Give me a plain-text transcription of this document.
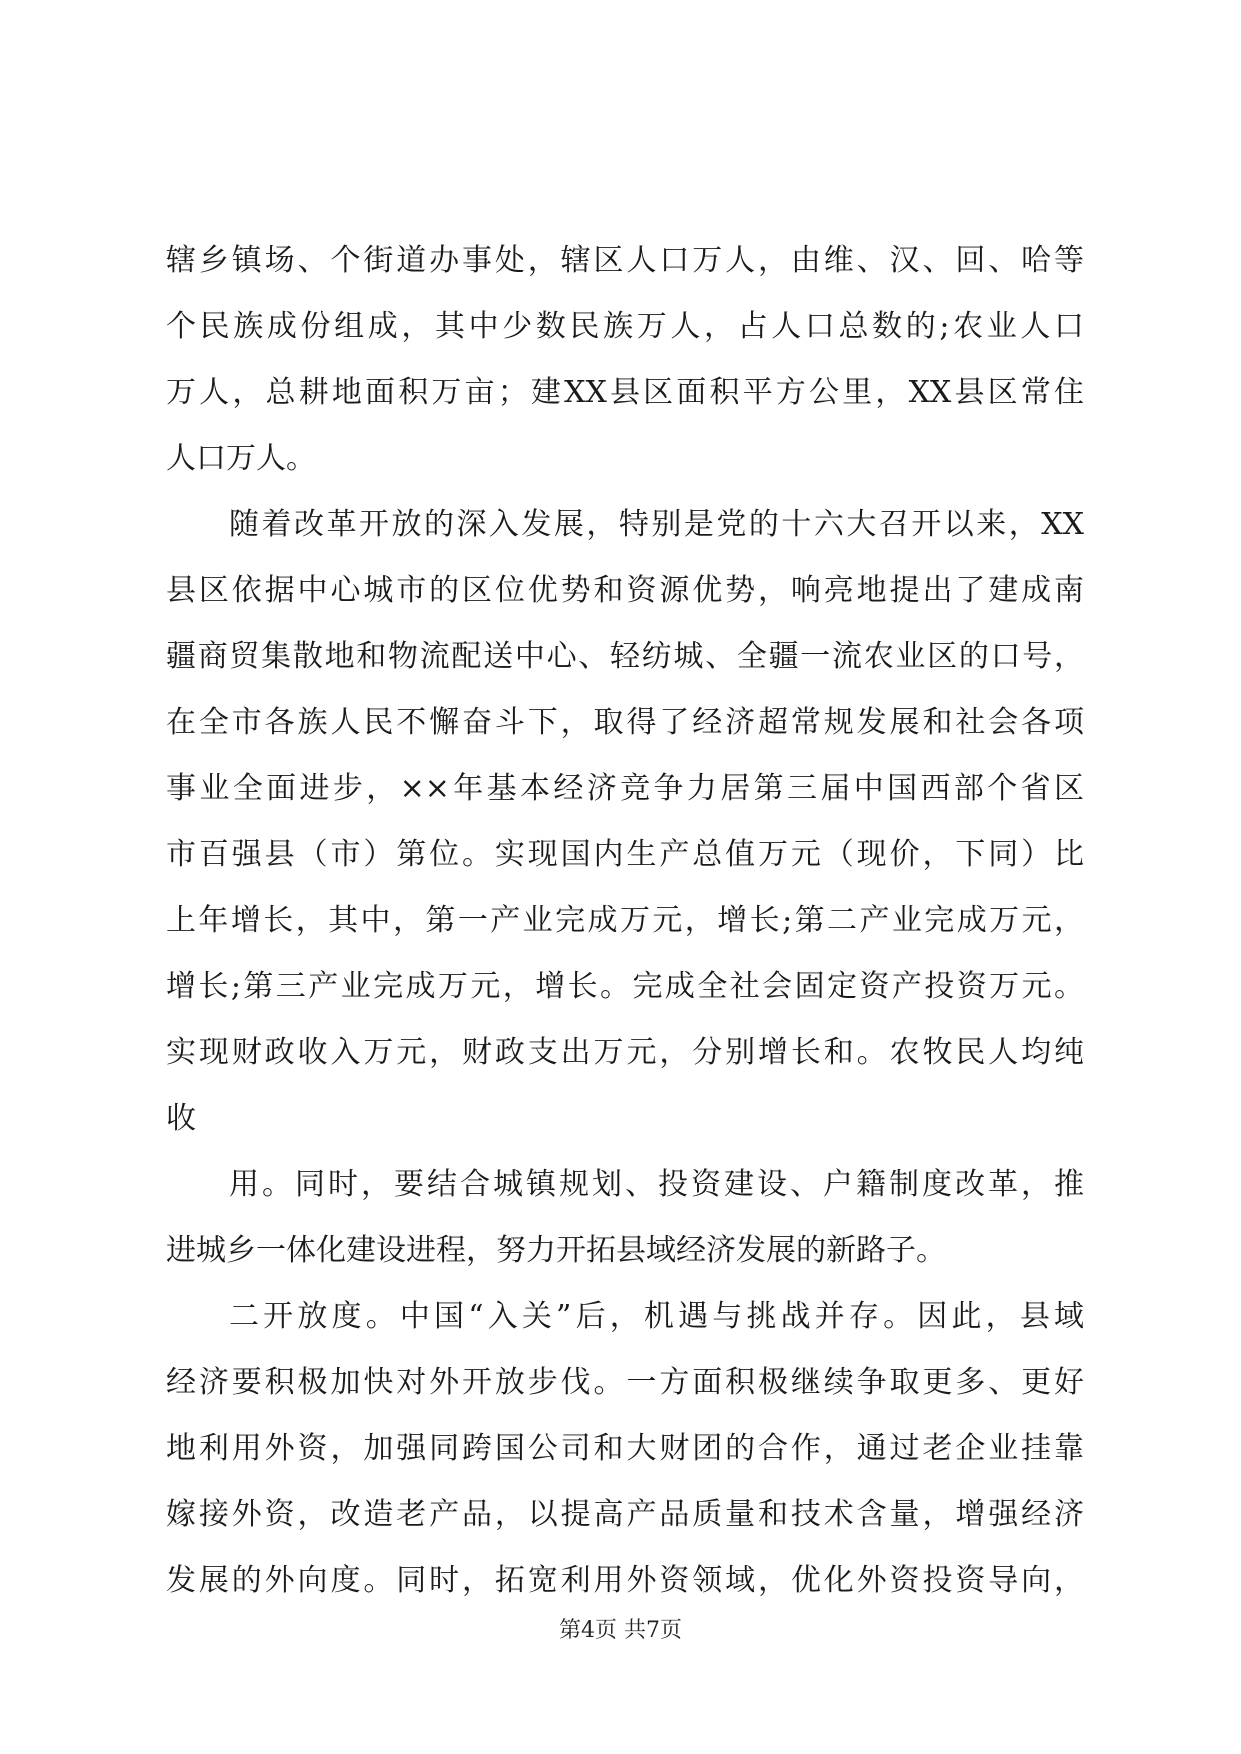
辖乡镇场、个街道办事处，辖区人口万人，由维、汉、回、哈等
个民族成份组成，其中少数民族万人，占人口总数的;农业人口
万人，总耕地面积万亩；建XX县区面积平方公里，XX县区常住
人口万人。
随着改革开放的深入发展，特别是党的十六大召开以来，XX
县区依据中心城市的区位优势和资源优势，响亮地提出了建成南
疆商贸集散地和物流配送中心、轻纺城、全疆一流农业区的口号，
在全市各族人民不懈奋斗下，取得了经济超常规发展和社会各项
事业全面进步，××年基本经济竞争力居第三届中国西部个省区
市百强县（市）第位。实现国内生产总值万元（现价，下同）比
上年增长，其中，第一产业完成万元，增长;第二产业完成万元，
增长;第三产业完成万元，增长。完成全社会固定资产投资万元。
实现财政收入万元，财政支出万元，分别增长和。农牧民人均纯
收
用。同时，要结合城镇规划、投资建设、户籍制度改革，推
进城乡一体化建设进程，努力开拓县域经济发展的新路子。
二开放度。中国“入关”后，机遇与挑战并存。因此，县域
经济要积极加快对外开放步伐。一方面积极继续争取更多、更好
地利用外资，加强同跨国公司和大财团的合作，通过老企业挂靠
嫁接外资，改造老产品，以提高产品质量和技术含量，增强经济
发展的外向度。同时，拓宽利用外资领域，优化外资投资导向，
第4页 共7页
